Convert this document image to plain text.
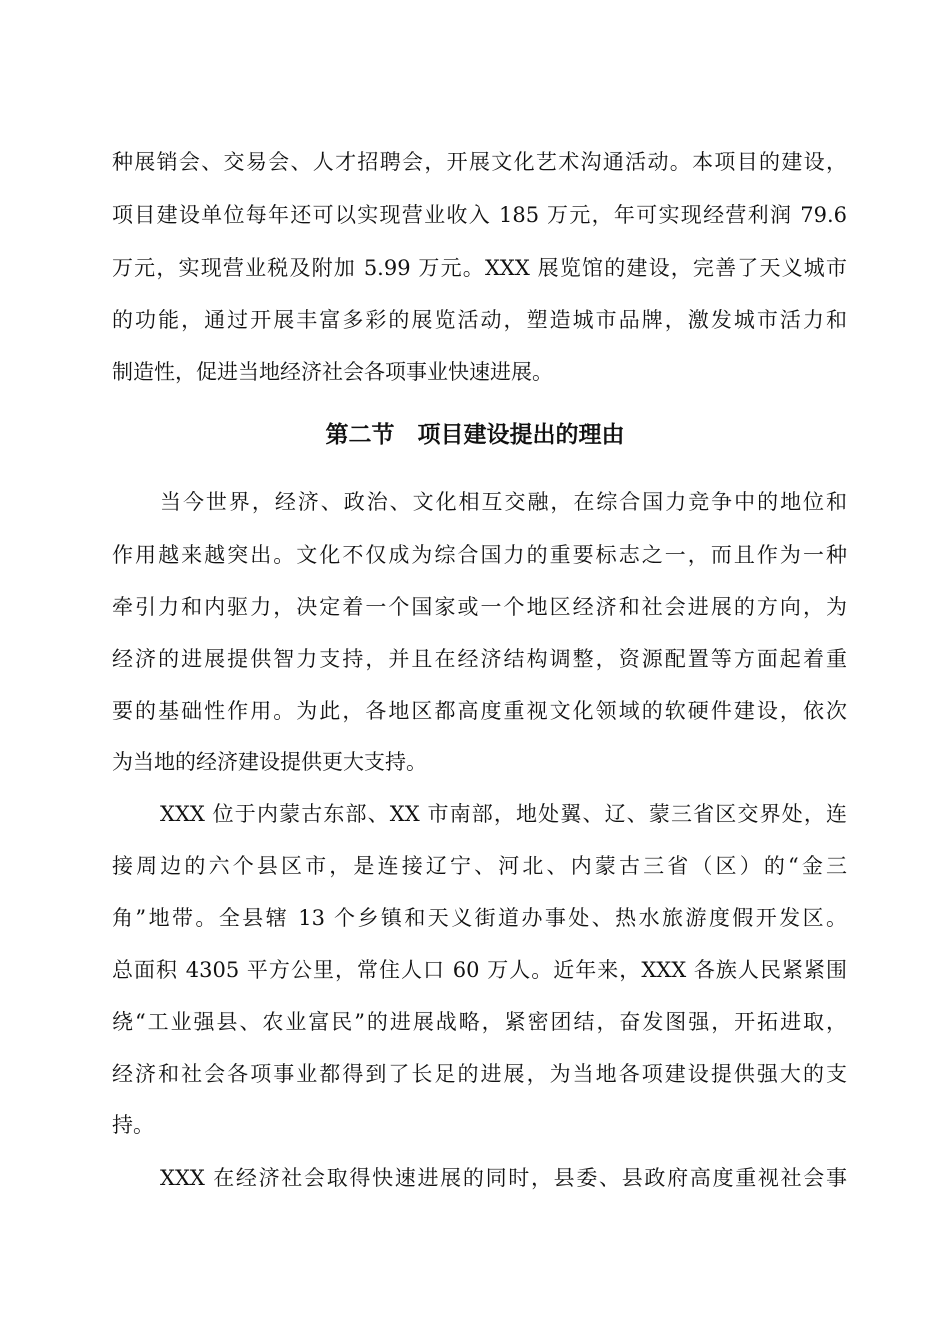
种展销会、交易会、人才招聘会，开展文化艺术沟通活动。本项目的建设，
项目建设单位每年还可以实现营业收入 185 万元，年可实现经营利润 79.6
万元，实现营业税及附加 5.99 万元。XXX 展览馆的建设，完善了天义城市
的功能，通过开展丰富多彩的展览活动，塑造城市品牌，激发城市活力和
制造性，促进当地经济社会各项事业快速进展。
第二节　项目建设提出的理由
当今世界，经济、政治、文化相互交融，在综合国力竞争中的地位和
作用越来越突出。文化不仅成为综合国力的重要标志之一，而且作为一种
牵引力和内驱力，决定着一个国家或一个地区经济和社会进展的方向，为
经济的进展提供智力支持，并且在经济结构调整，资源配置等方面起着重
要的基础性作用。为此，各地区都高度重视文化领域的软硬件建设，依次
为当地的经济建设提供更大支持。
XXX 位于内蒙古东部、XX 市南部，地处翼、辽、蒙三省区交界处，连
接周边的六个县区市，是连接辽宁、河北、内蒙古三省（区）的“金三
角”地带。全县辖 13 个乡镇和天义街道办事处、热水旅游度假开发区。
总面积 4305 平方公里，常住人口 60 万人。近年来，XXX 各族人民紧紧围
绕“工业强县、农业富民”的进展战略，紧密团结，奋发图强，开拓进取，
经济和社会各项事业都得到了长足的进展，为当地各项建设提供强大的支
持。
XXX 在经济社会取得快速进展的同时，县委、县政府高度重视社会事
